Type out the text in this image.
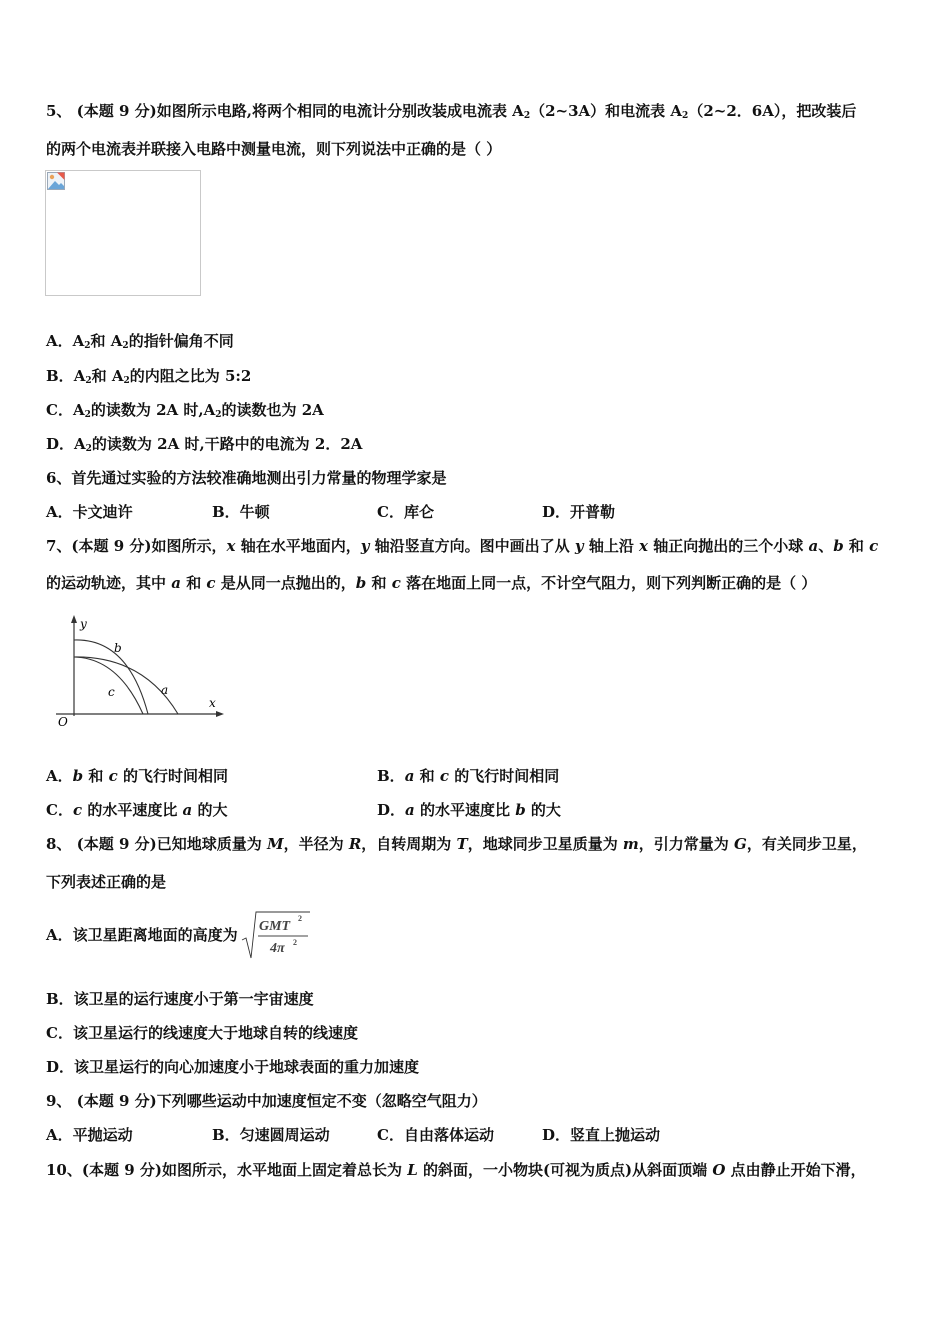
5、 (本题 9 分)如图所示电路,将两个相同的电流计分别改装成电流表 $A_2(2\sim 3A)$和电流表 $A_2(2\sim 2$．6A），把改装后
的两个电流表并联接入电路中测量电流，则下列说法中正确的是（ ）
A．$A_2$和 $A_2$的指针偏角不同
B．$A_2$和 $A_2$的内阻之比为 5:2
C．$A_2$的读数为 2A 时$,A_2$的读数也为 2A
D．$A_2$的读数为 2A 时,干路中的电流为 2．2A
6、首先通过实验的方法较准确地测出引力常量的物理学家是
A．卡文迪许	B．牛顿	C．库仑	D．开普勒
7、(本题 9 分)如图所示，x 轴在水平地面内，y 轴沿竖直方向。图中画出了从 y 轴上沿 x 轴正向抛出的三个小球 a、b 和 c
的运动轨迹，其中 a 和 c 是从同一点抛出的，b 和 c 落在地面上同一点，不计空气阻力，则下列判断正确的是（ ）
y
x
O
b
a
c
A．b 和 c 的飞行时间相同	B．a 和 c 的飞行时间相同
C．c 的水平速度比 a 的大	D．a 的水平速度比 b 的大
8、 (本题 9 分)已知地球质量为 M，半径为 R，自转周期为 T，地球同步卫星质量为 m，引力常量为 G，有关同步卫星，
下列表述正确的是
A．该卫星距离地面的高度为 GMT
2
4π 2
B．该卫星的运行速度小于第一宇宙速度
C．该卫星运行的线速度大于地球自转的线速度
D．该卫星运行的向心加速度小于地球表面的重力加速度
9、 (本题 9 分)下列哪些运动中加速度恒定不变（忽略空气阻力）
A．平抛运动	B．匀速圆周运动	C．自由落体运动	D．竖直上抛运动
10、(本题 9 分)如图所示，水平地面上固定着总长为 L 的斜面，一小物块(可视为质点)从斜面顶端 O 点由静止开始下滑，
